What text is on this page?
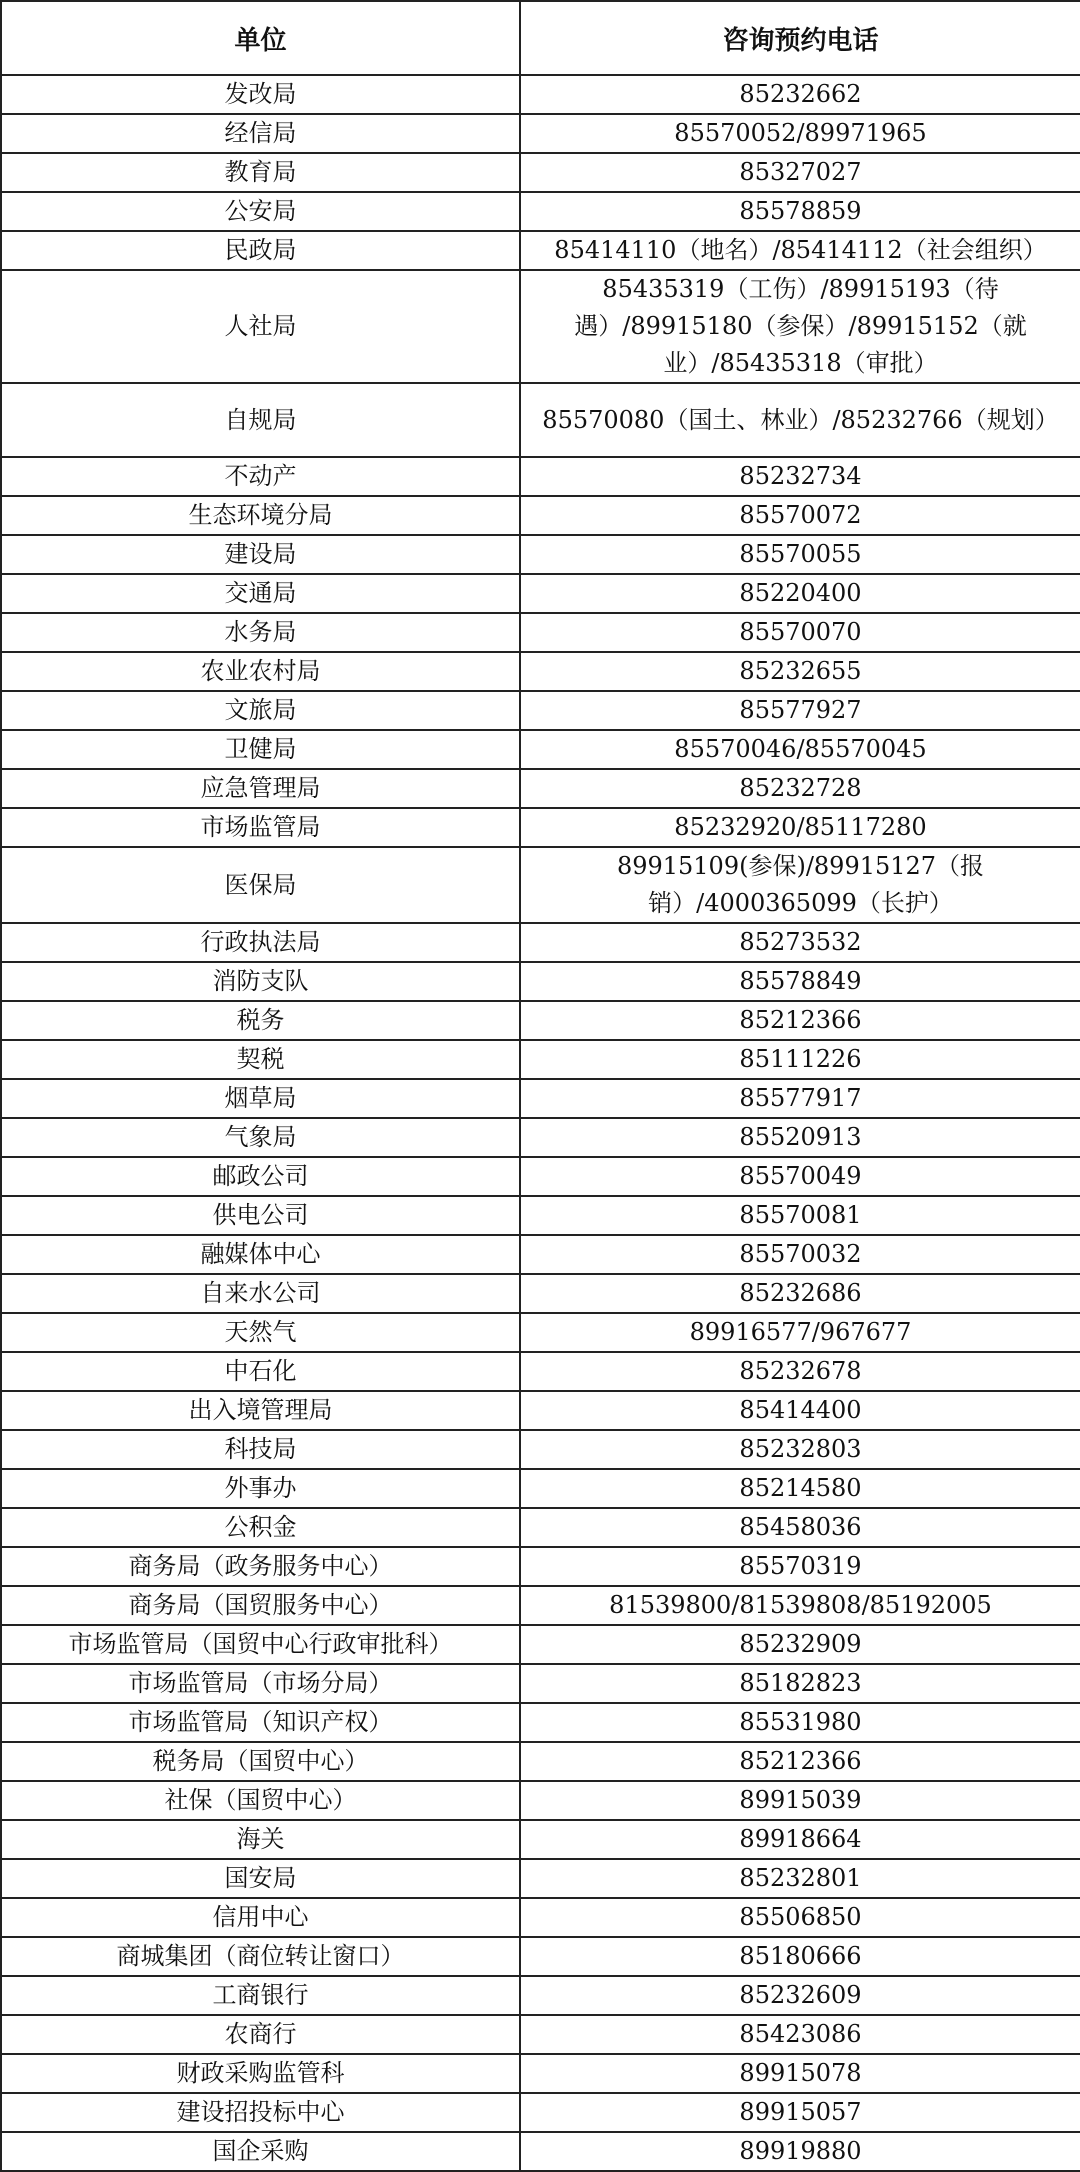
单位	咨询预约电话
发改局	85232662
经信局	85570052/89971965
教育局	85327027
公安局	85578859
民政局	85414110（地名）/85414112（社会组织）
人社局	85435319（工伤）/89915193（待遇）/89915180（参保）/89915152（就业）/85435318（审批）
自规局	85570080（国土、林业）/85232766（规划）
不动产	85232734
生态环境分局	85570072
建设局	85570055
交通局	85220400
水务局	85570070
农业农村局	85232655
文旅局	85577927
卫健局	85570046/85570045
应急管理局	85232728
市场监管局	85232920/85117280
医保局	89915109(参保)/89915127（报销）/4000365099（长护）
行政执法局	85273532
消防支队	85578849
税务	85212366
契税	85111226
烟草局	85577917
气象局	85520913
邮政公司	85570049
供电公司	85570081
融媒体中心	85570032
自来水公司	85232686
天然气	89916577/967677
中石化	85232678
出入境管理局	85414400
科技局	85232803
外事办	85214580
公积金	85458036
商务局（政务服务中心）	85570319
商务局（国贸服务中心）	81539800/81539808/85192005
市场监管局（国贸中心行政审批科）	85232909
市场监管局（市场分局）	85182823
市场监管局（知识产权）	85531980
税务局（国贸中心）	85212366
社保（国贸中心）	89915039
海关	89918664
国安局	85232801
信用中心	85506850
商城集团（商位转让窗口）	85180666
工商银行	85232609
农商行	85423086
财政采购监管科	89915078
建设招投标中心	89915057
国企采购	89919880
